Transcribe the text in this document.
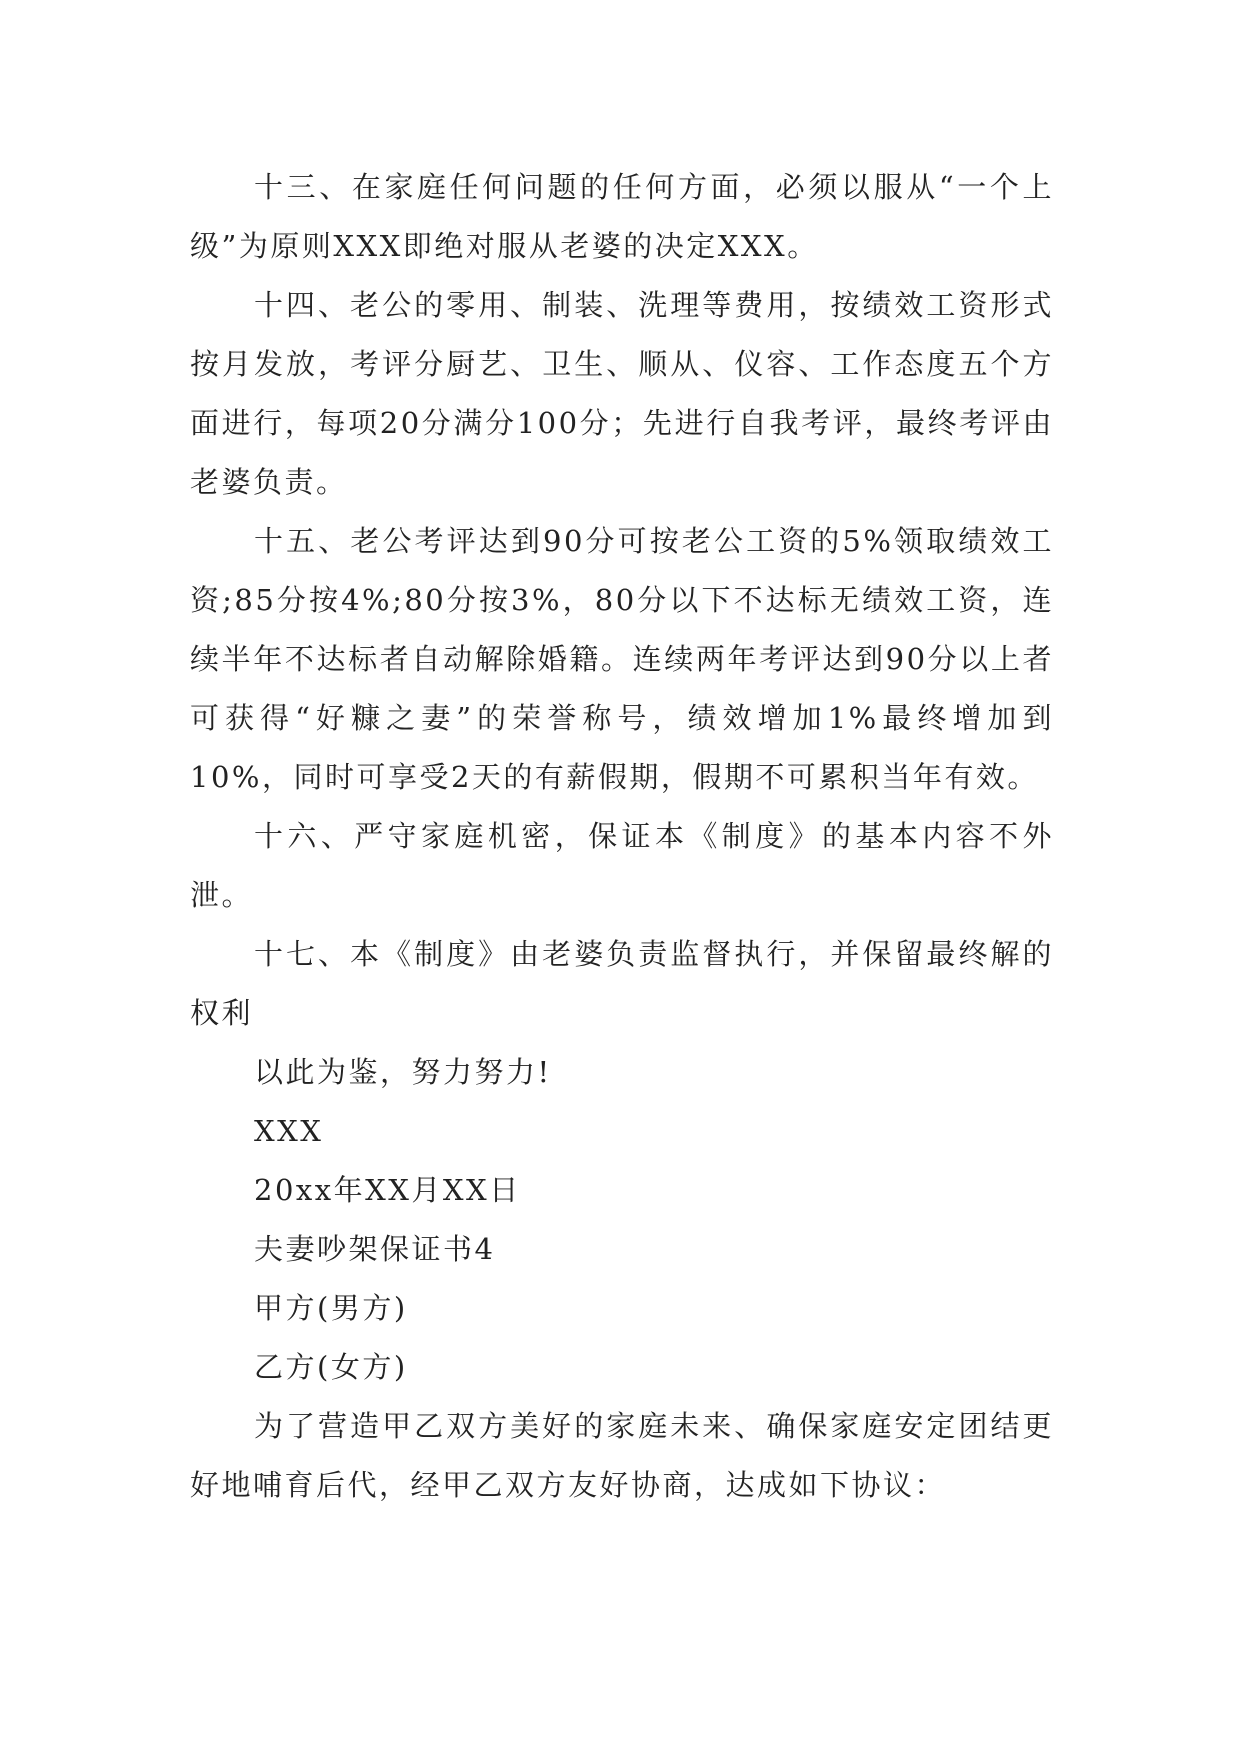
十三、在家庭任何问题的任何方面，必须以服从“一个上级”为原则XXX即绝对服从老婆的决定XXX。

十四、老公的零用、制装、洗理等费用，按绩效工资形式按月发放，考评分厨艺、卫生、顺从、仪容、工作态度五个方面进行，每项20分满分100分；先进行自我考评，最终考评由老婆负责。

十五、老公考评达到90分可按老公工资的5%领取绩效工资;85分按4%;80分按3%，80分以下不达标无绩效工资，连续半年不达标者自动解除婚籍。连续两年考评达到90分以上者可获得“好糠之妻”的荣誉称号，绩效增加1%最终增加到10%，同时可享受2天的有薪假期，假期不可累积当年有效。

十六、严守家庭机密，保证本《制度》的基本内容不外泄。

十七、本《制度》由老婆负责监督执行，并保留最终解的权利

以此为鉴，努力努力!

XXX

20xx年XX月XX日

夫妻吵架保证书4

甲方(男方)

乙方(女方)

为了营造甲乙双方美好的家庭未来、确保家庭安定团结更好地哺育后代，经甲乙双方友好协商，达成如下协议：
